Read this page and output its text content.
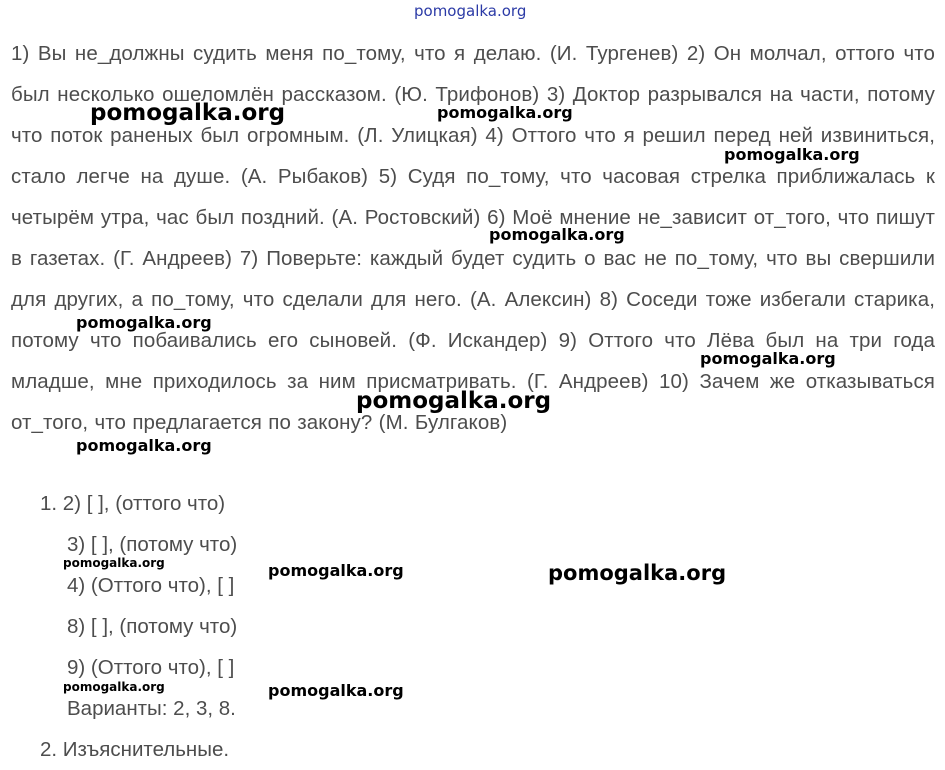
1) Вы не_должны судить меня по_тому, что я делаю. (И. Тургенев) 2) Он молчал, оттого что был несколько ошеломлён рассказом. (Ю. Трифонов) 3) Доктор разрывался на части, потому что поток раненых был огромным. (Л. Улицкая) 4) Оттого что я решил перед ней извиниться, стало легче на душе. (А. Рыбаков) 5) Судя по_тому, что часовая стрелка приближалась к четырём утра, час был поздний. (А. Ростовский) 6) Моё мнение не_зависит от_того, что пишут в газетах. (Г. Андреев) 7) Поверьте: каждый будет судить о вас не по_тому, что вы свершили для других, а по_тому, что сделали для него. (А. Алексин) 8) Соседи тоже избегали старика, потому что побаивались его сыновей. (Ф. Искандер) 9) Оттого что Лёва был на три года младше, мне приходилось за ним присматривать. (Г. Андреев) 10) Зачем же отказываться от_того, что предлагается по закону? (М. Булгаков)
1. 2) [ ], (оттого что)
3) [ ], (потому что)
4) (Оттого что), [ ]
8) [ ], (потому что)
9) (Оттого что), [ ]
Варианты: 2, 3, 8.
2. Изъяснительные.
pomogalka.org
pomogalka.org	pomogalka.org
pomogalka.org
pomogalka.org
pomogalka.org
pomogalka.org
pomogalka.org
pomogalka.org
pomogalka.org	pomogalka.org	pomogalka.org
pomogalka.org	pomogalka.org
